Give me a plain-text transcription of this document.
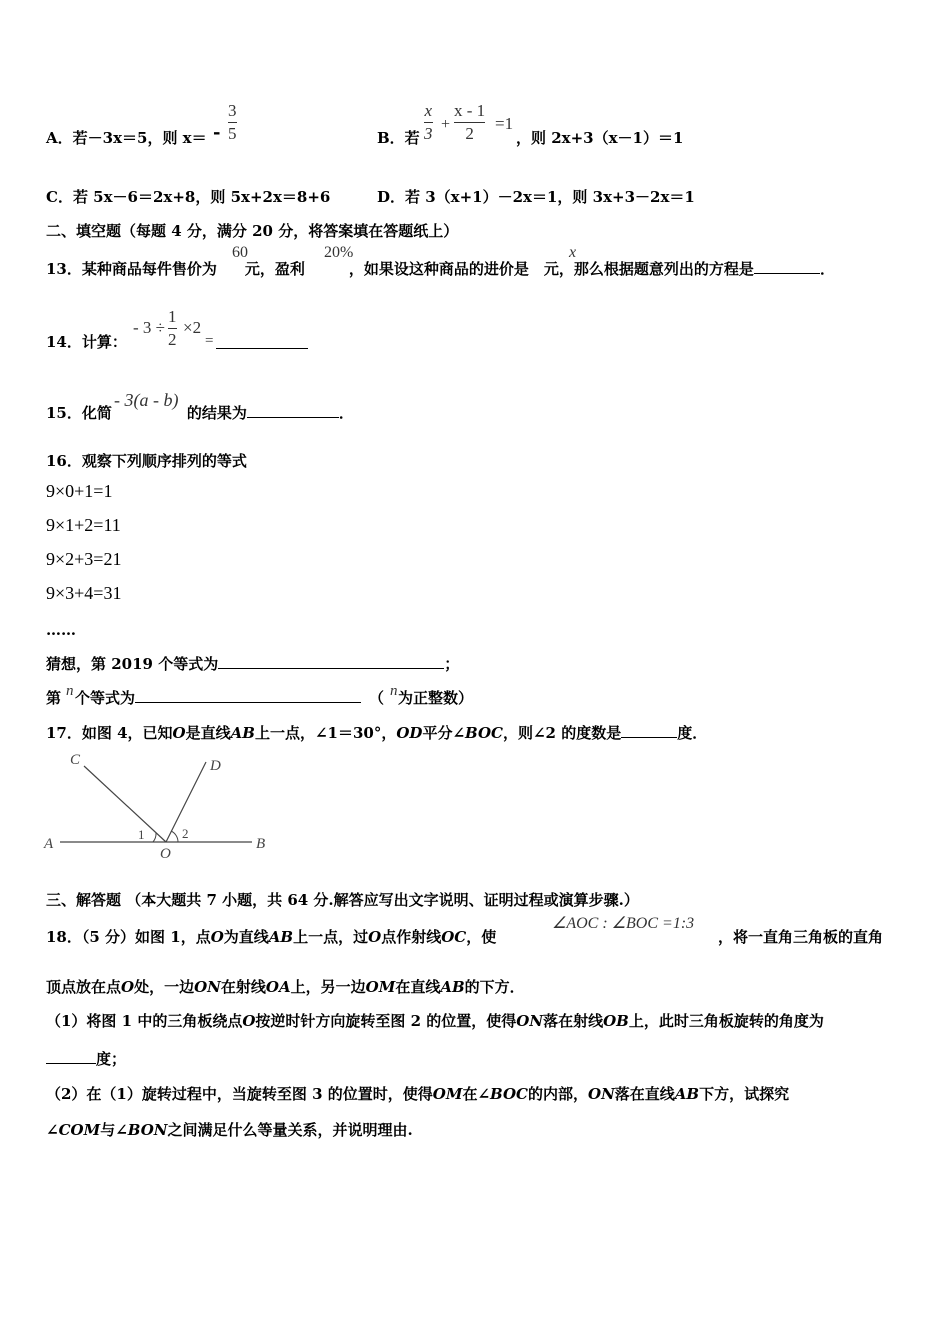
A．若－3x＝5，则 x＝ -
3
5	B．若
x
3 +
x - 1
2
=1
，则 2x+3（x－1）＝1
C．若 5x－6＝2x+8，则 5x+2x＝8+6	D．若 3（x+1）－2x＝1，则 3x+3－2x＝1
二、填空题（每题 4 分，满分 20 分，将答案填在答题纸上）
13．某种商品每件售价为 元，盈利	，如果设这种商品的进价是 元，那么根据题意列出的方程是	．
60	20%	x
14．计算：
- 3 ÷
1
2
×2
=
15．化简	的结果为	．
- 3(a - b)
16．观察下列顺序排列的等式
9×0+1=1
9×1+2=11
9×2+3=21
9×3+4=31
……
猜想，第 2019 个等式为	；
第 个等式为	（ 为正整数）
n	n
17．如图 4，已知O是直线AB上一点，∠1＝30°，OD平分∠BOC，则∠2 的度数是	度．
C	D
A
O
B
1	2
三、解答题 （本大题共 7 小题，共 64 分.解答应写出文字说明、证明过程或演算步骤.）
18．（5 分）如图 1，点O为直线AB上一点，过O点作射线OC，使
∠AOC : ∠BOC =1:3
，将一直角三角板的直角
顶点放在点O处，一边ON在射线OA上，另一边OM在直线AB的下方．
（1）将图 1 中的三角板绕点O按逆时针方向旋转至图 2 的位置，使得ON落在射线OB上，此时三角板旋转的角度为
度；
（2）在（1）旋转过程中，当旋转至图 3 的位置时，使得OM在∠BOC的内部，ON落在直线AB下方，试探究
∠COM与∠BON之间满足什么等量关系，并说明理由.
